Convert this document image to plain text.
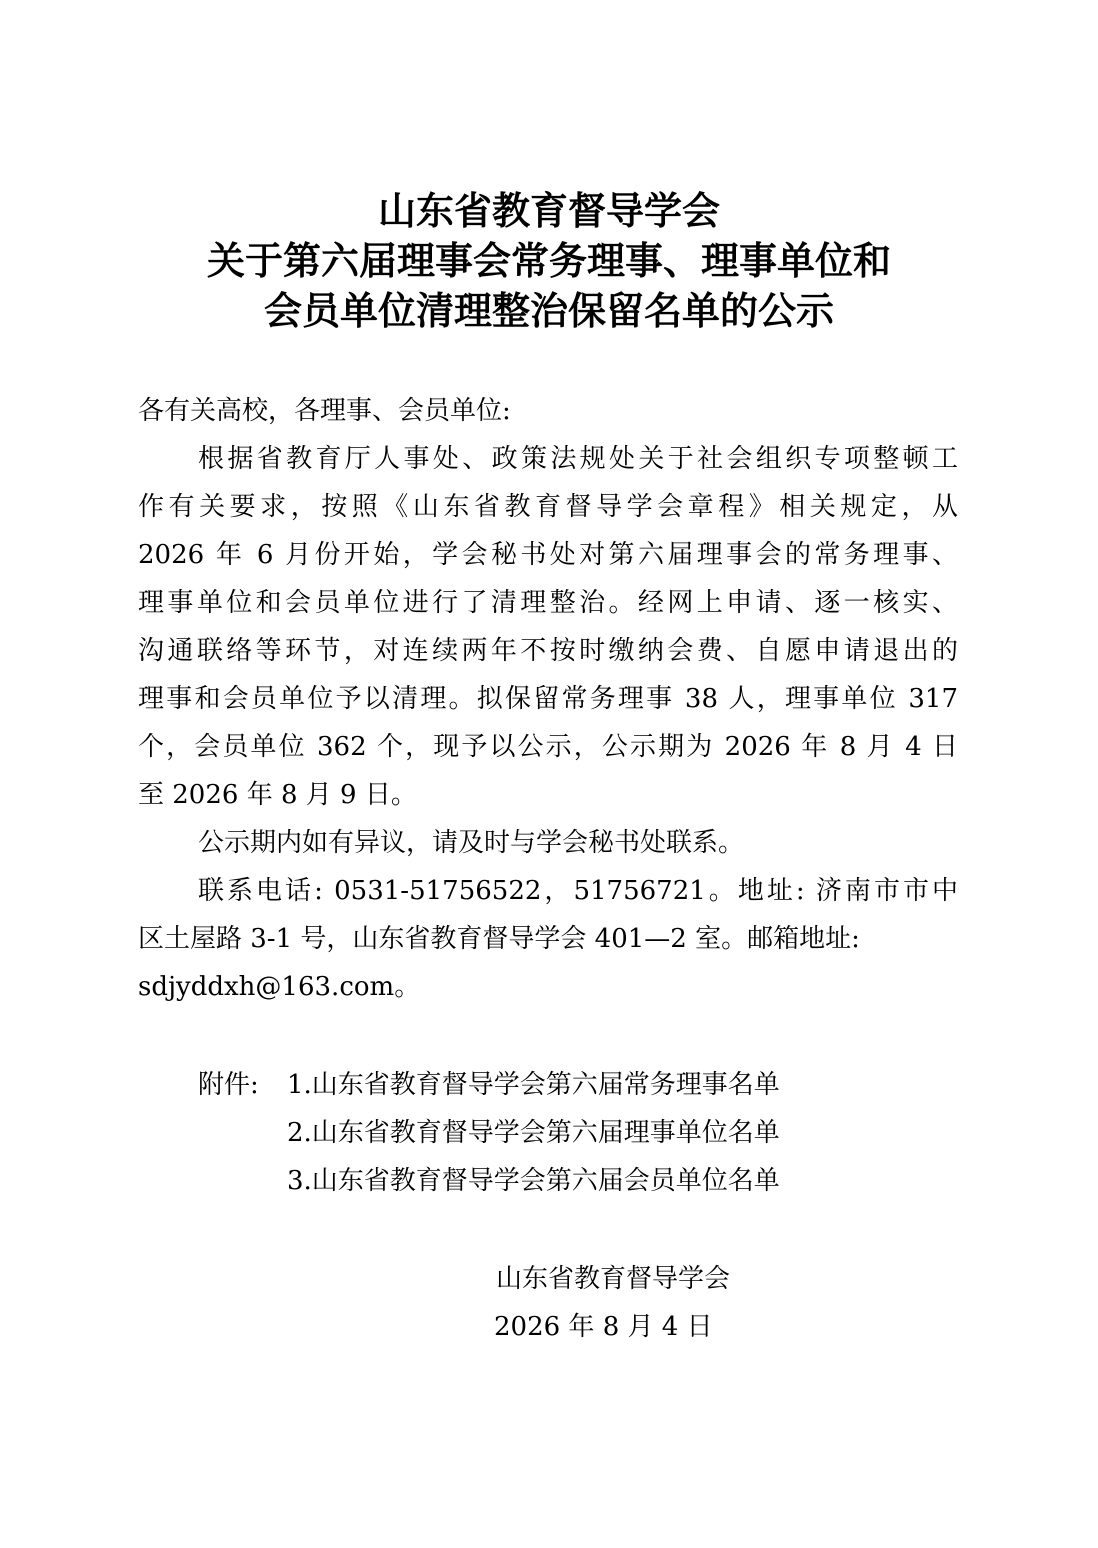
山东省教育督导学会
关于第六届理事会常务理事、理事单位和
会员单位清理整治保留名单的公示
各有关高校，各理事、会员单位:
根据省教育厅人事处、政策法规处关于社会组织专项整顿工
作有关要求，按照《山东省教育督导学会章程》相关规定，从
2026 年 6 月份开始，学会秘书处对第六届理事会的常务理事、
理事单位和会员单位进行了清理整治。经网上申请、逐一核实、
沟通联络等环节，对连续两年不按时缴纳会费、自愿申请退出的
理事和会员单位予以清理。拟保留常务理事 38 人，理事单位 317
个，会员单位 362 个，现予以公示，公示期为 2026 年 8 月 4 日
至 2026 年 8 月 9 日。
公示期内如有异议，请及时与学会秘书处联系。
联系电话: 0531-51756522，51756721。地址: 济南市市中
区土屋路 3-1 号，山东省教育督导学会 401—2 室。邮箱地址:
sdjyddxh@163.com。
附件: 1.山东省教育督导学会第六届常务理事名单
2.山东省教育督导学会第六届理事单位名单
3.山东省教育督导学会第六届会员单位名单
山东省教育督导学会
2026 年 8 月 4 日
